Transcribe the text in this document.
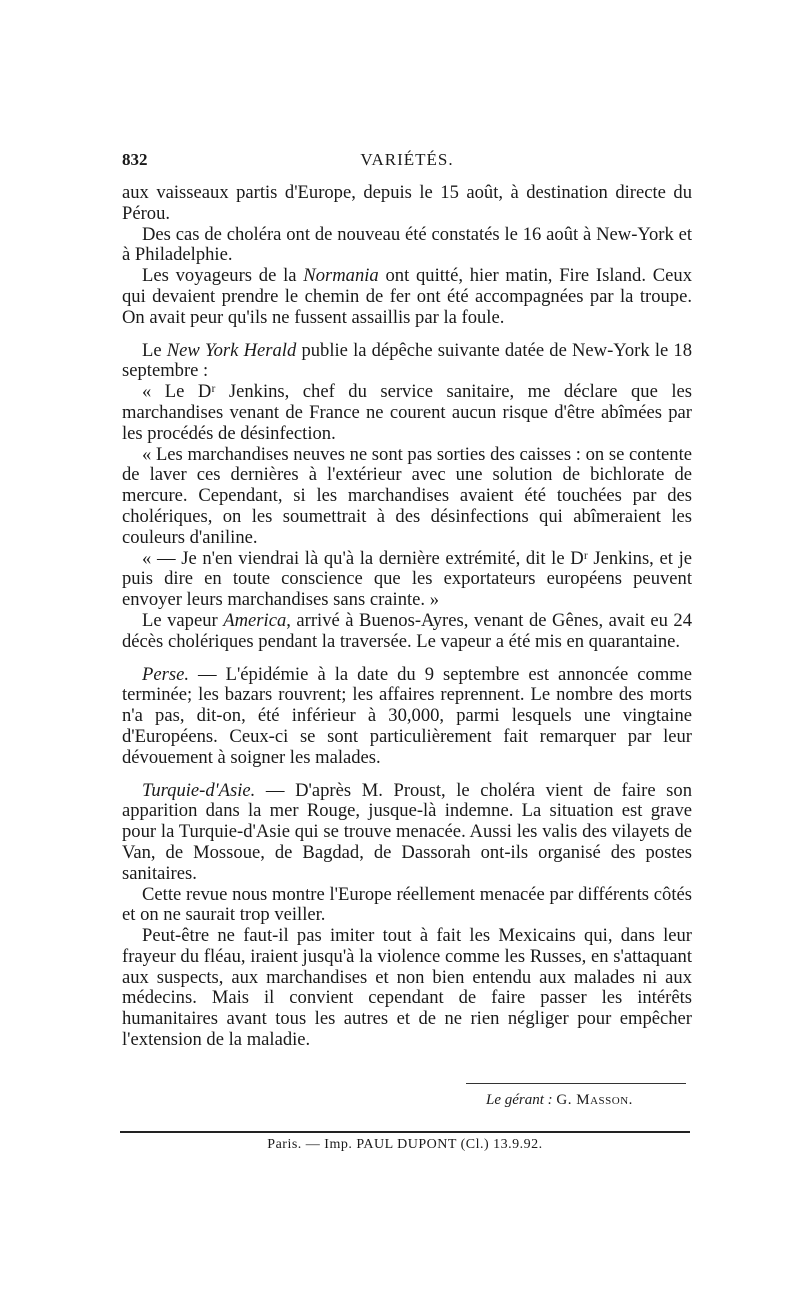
832	VARIÉTÉS.

aux vaisseaux partis d'Europe, depuis le 15 août, à destination directe du Pérou.

Des cas de choléra ont de nouveau été constatés le 16 août à New-York et à Philadelphie.

Les voyageurs de la Normania ont quitté, hier matin, Fire Island. Ceux qui devaient prendre le chemin de fer ont été accompagnées par la troupe. On avait peur qu'ils ne fussent assaillis par la foule.

Le New York Herald publie la dépêche suivante datée de New-York le 18 septembre :

« Le Dʳ Jenkins, chef du service sanitaire, me déclare que les marchandises venant de France ne courent aucun risque d'être abîmées par les procédés de désinfection.

« Les marchandises neuves ne sont pas sorties des caisses : on se contente de laver ces dernières à l'extérieur avec une solution de bichlorate de mercure. Cependant, si les marchandises avaient été touchées par des cholériques, on les soumettrait à des désinfections qui abîmeraient les couleurs d'aniline.

« — Je n'en viendrai là qu'à la dernière extrémité, dit le Dʳ Jenkins, et je puis dire en toute conscience que les exportateurs européens peuvent envoyer leurs marchandises sans crainte. »

Le vapeur America, arrivé à Buenos-Ayres, venant de Gênes, avait eu 24 décès cholériques pendant la traversée. Le vapeur a été mis en quarantaine.

Perse. — L'épidémie à la date du 9 septembre est annoncée comme terminée; les bazars rouvrent; les affaires reprennent. Le nombre des morts n'a pas, dit-on, été inférieur à 30,000, parmi lesquels une vingtaine d'Européens. Ceux-ci se sont particulièrement fait remarquer par leur dévouement à soigner les malades.

Turquie-d'Asie. — D'après M. Proust, le choléra vient de faire son apparition dans la mer Rouge, jusque-là indemne. La situation est grave pour la Turquie-d'Asie qui se trouve menacée. Aussi les valis des vilayets de Van, de Mossoue, de Bagdad, de Dassorah ont-ils organisé des postes sanitaires.

Cette revue nous montre l'Europe réellement menacée par différents côtés et on ne saurait trop veiller.

Peut-être ne faut-il pas imiter tout à fait les Mexicains qui, dans leur frayeur du fléau, iraient jusqu'à la violence comme les Russes, en s'attaquant aux suspects, aux marchandises et non bien entendu aux malades ni aux médecins. Mais il convient cependant de faire passer les intérêts humanitaires avant tous les autres et de ne rien négliger pour empêcher l'extension de la maladie.

Le gérant : G. Masson.
Paris. — Imp. PAUL DUPONT (Cl.) 13.9.92.
